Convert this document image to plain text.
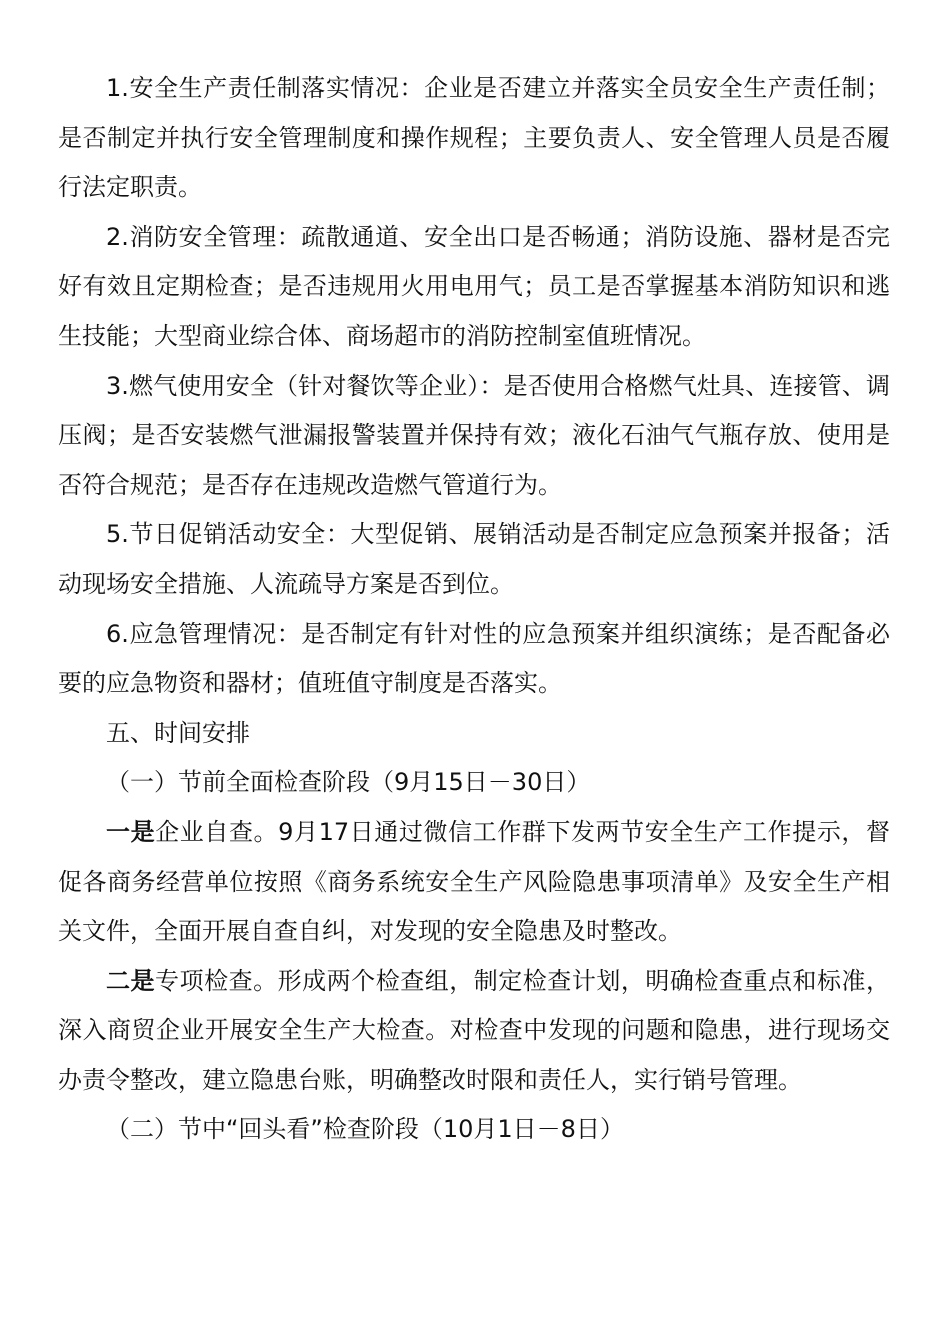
1.安全生产责任制落实情况：企业是否建立并落实全员安全生产责任制；是否制定并执行安全管理制度和操作规程；主要负责人、安全管理人员是否履行法定职责。

2.消防安全管理：疏散通道、安全出口是否畅通；消防设施、器材是否完好有效且定期检查；是否违规用火用电用气；员工是否掌握基本消防知识和逃生技能；大型商业综合体、商场超市的消防控制室值班情况。

3.燃气使用安全（针对餐饮等企业）：是否使用合格燃气灶具、连接管、调压阀；是否安装燃气泄漏报警装置并保持有效；液化石油气气瓶存放、使用是否符合规范；是否存在违规改造燃气管道行为。

5.节日促销活动安全：大型促销、展销活动是否制定应急预案并报备；活动现场安全措施、人流疏导方案是否到位。

6.应急管理情况：是否制定有针对性的应急预案并组织演练；是否配备必要的应急物资和器材；值班值守制度是否落实。

五、时间安排

（一）节前全面检查阶段（9月15日－30日）

一是企业自查。9月17日通过微信工作群下发两节安全生产工作提示，督促各商务经营单位按照《商务系统安全生产风险隐患事项清单》及安全生产相关文件，全面开展自查自纠，对发现的安全隐患及时整改。

二是专项检查。形成两个检查组，制定检查计划，明确检查重点和标准，深入商贸企业开展安全生产大检查。对检查中发现的问题和隐患，进行现场交办责令整改，建立隐患台账，明确整改时限和责任人，实行销号管理。

（二）节中“回头看”检查阶段（10月1日－8日）
